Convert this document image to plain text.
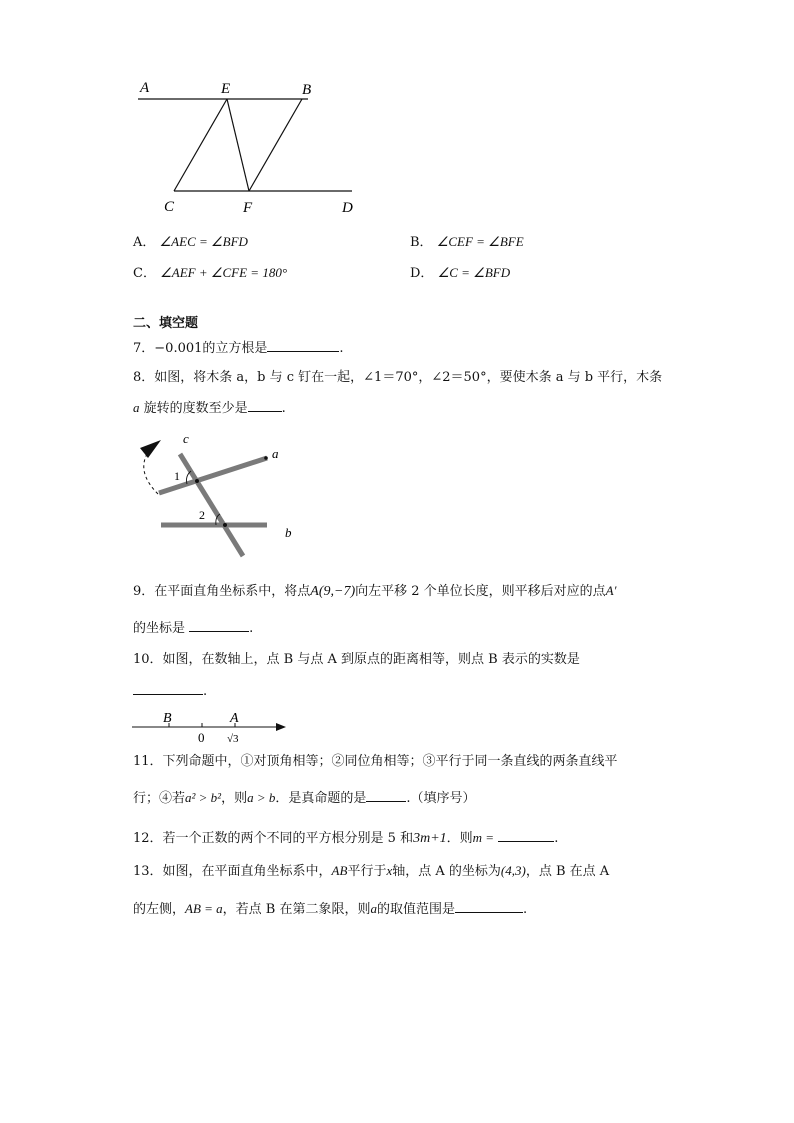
A	E	B
C	F	D
A． ∠AEC = ∠BFD	B． ∠CEF = ∠BFE
C． ∠AEF + ∠CFE = 180°	D． ∠C = ∠BFD
二、填空题
7．−0.001的立方根是	.
8．如图，将木条 a，b 与 c 钉在一起，∠1＝70°，∠2＝50°，要使木条 a 与 b 平行，木条
a 旋转的度数至少是	.
c
a
b
1
2
9．在平面直角坐标系中，将点A(9,−7)向左平移 2 个单位长度，则平移后对应的点A′
的坐标是	.
10．如图，在数轴上，点 B 与点 A 到原点的距离相等，则点 B 表示的实数是
.
B	A
0 √3
11．下列命题中，①对顶角相等；②同位角相等；③平行于同一条直线的两条直线平
行；④若a² > b²，则a > b．是真命题的是	.（填序号）
12．若一个正数的两个不同的平方根分别是 5 和3m+1．则m =	.
13．如图，在平面直角坐标系中，AB平行于x轴，点 A 的坐标为(4,3)，点 B 在点 A
的左侧，AB = a，若点 B 在第二象限，则a的取值范围是	.
